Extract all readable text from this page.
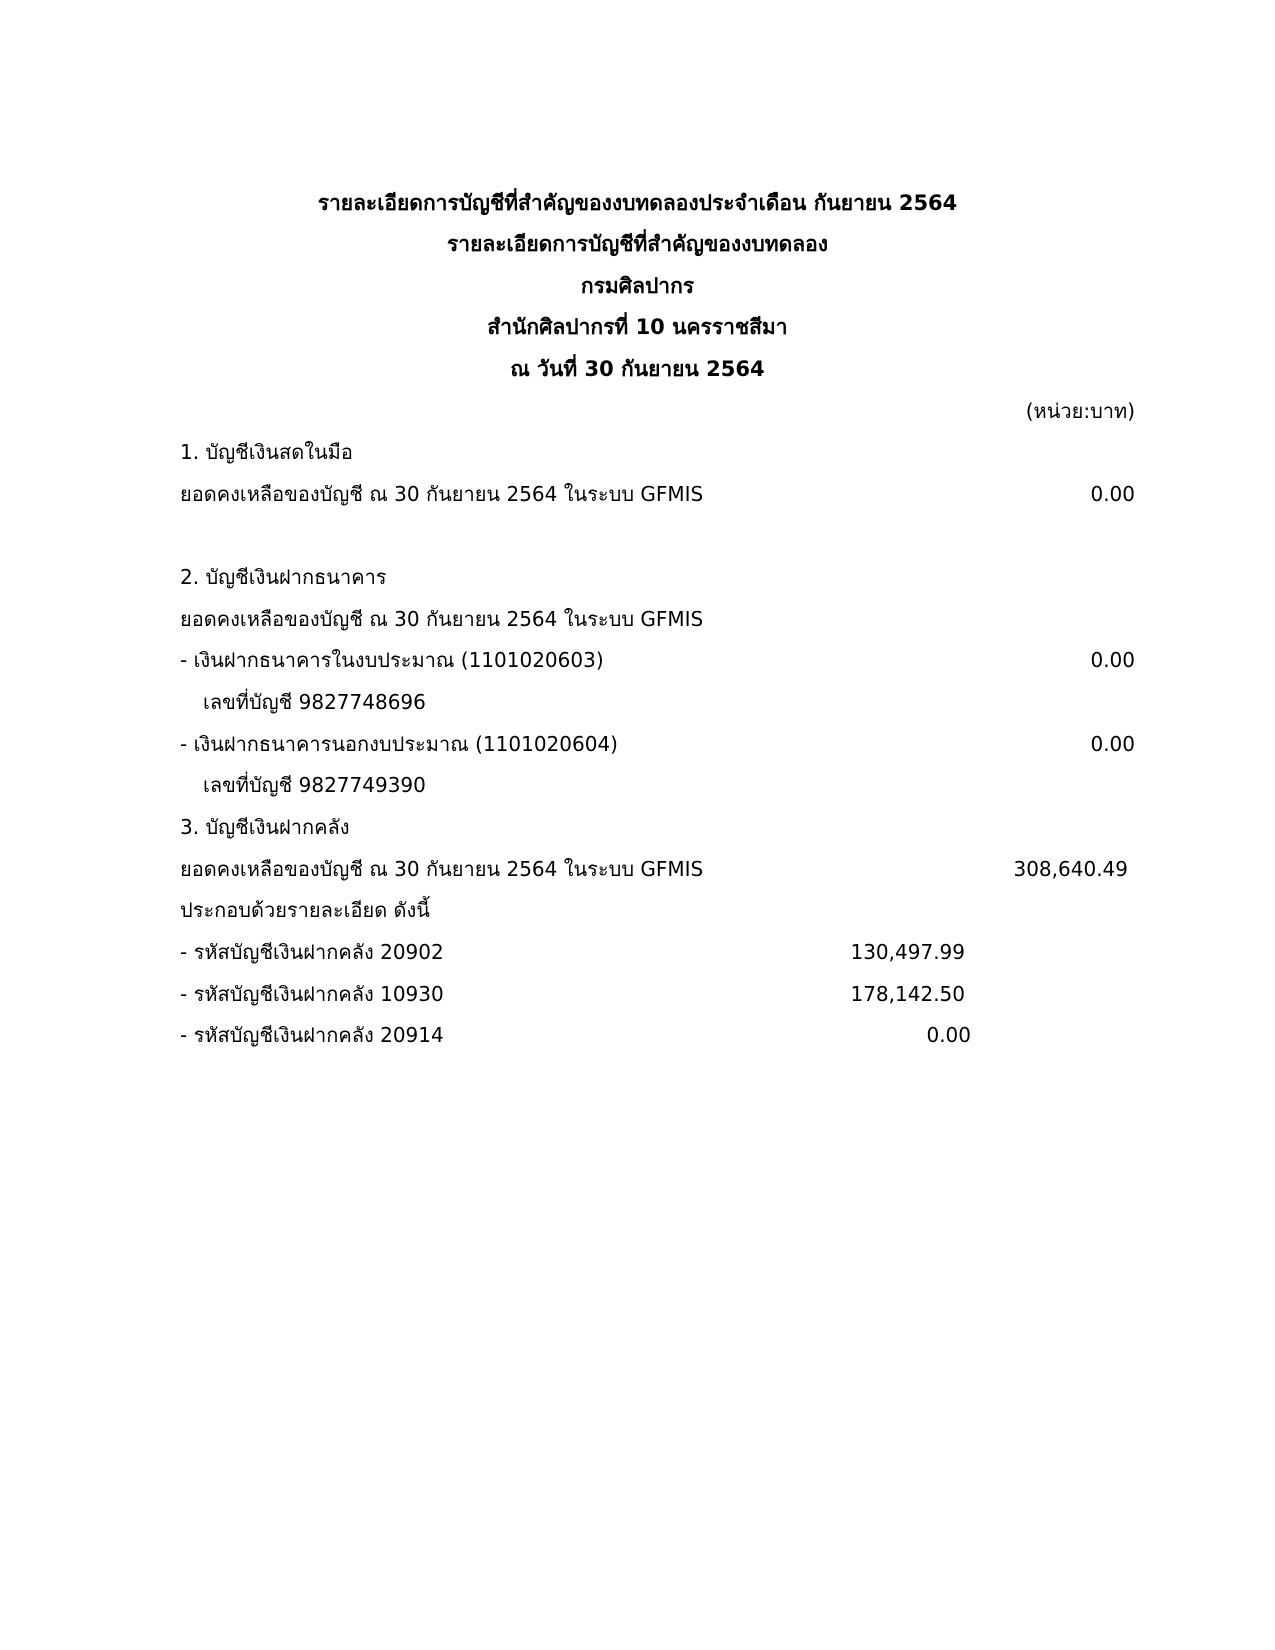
รายละเอียดการบัญชีที่สำคัญของงบทดลองประจำเดือน กันยายน 2564
รายละเอียดการบัญชีที่สำคัญของงบทดลอง
กรมศิลปากร
สำนักศิลปากรที่ 10 นครราชสีมา
ณ วันที่ 30 กันยายน 2564
(หน่วย:บาท)
1. บัญชีเงินสดในมือ
ยอดคงเหลือของบัญชี ณ 30 กันยายน 2564 ในระบบ GFMIS	0.00
2. บัญชีเงินฝากธนาคาร
ยอดคงเหลือของบัญชี ณ 30 กันยายน 2564 ในระบบ GFMIS
- เงินฝากธนาคารในงบประมาณ (1101020603)	0.00
เลขที่บัญชี 9827748696
- เงินฝากธนาคารนอกงบประมาณ (1101020604)	0.00
เลขที่บัญชี 9827749390
3. บัญชีเงินฝากคลัง
ยอดคงเหลือของบัญชี ณ 30 กันยายน 2564 ในระบบ GFMIS	308,640.49
ประกอบด้วยรายละเอียด ดังนี้
- รหัสบัญชีเงินฝากคลัง 20902	130,497.99
- รหัสบัญชีเงินฝากคลัง 10930	178,142.50
- รหัสบัญชีเงินฝากคลัง 20914	0.00
